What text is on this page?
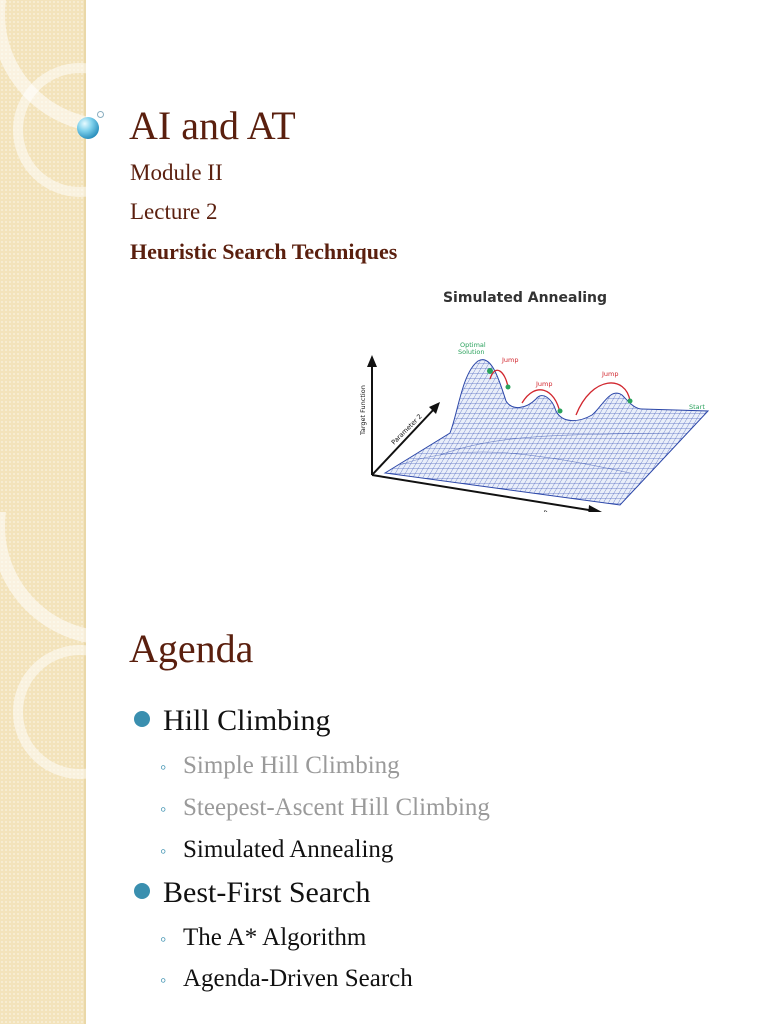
AI and AT

Module II

Lecture 2

Heuristic Search Techniques

Simulated Annealing
Optimal
Solution
Jump
Jump
Jump
Start
Target Function	Parameter 2
Agenda
Hill Climbing
◦ Simple Hill Climbing
◦ Steepest-Ascent Hill Climbing
◦ Simulated Annealing
Best-First Search
◦ The A* Algorithm
◦ Agenda-Driven Search
